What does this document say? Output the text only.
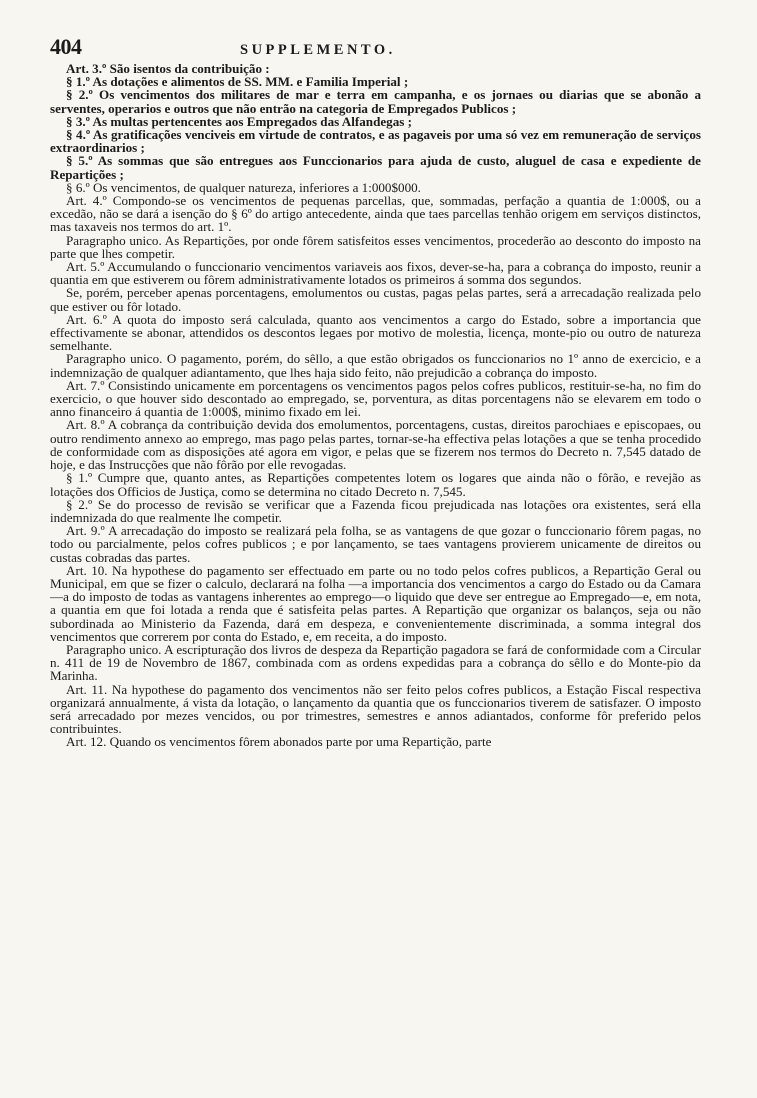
404	SUPPLEMENTO.

Art. 3.º São isentos da contribuição :

§ 1.º As dotações e alimentos de SS. MM. e Familia Imperial ;

§ 2.º Os vencimentos dos militares de mar e terra em campanha, e os jornaes ou diarias que se abonão a serventes, operarios e outros que não entrão na categoria de Empregados Publicos ;

§ 3.º As multas pertencentes aos Empregados das Alfandegas ;

§ 4.º As gratificações venciveis em virtude de contratos, e as pagaveis por uma só vez em remuneração de serviços extraordinarios ;

§ 5.º As sommas que são entregues aos Funccionarios para ajuda de custo, aluguel de casa e expediente de Repartições ;

§ 6.º Os vencimentos, de qualquer natureza, inferiores a 1:000$000.

Art. 4.º Compondo-se os vencimentos de pequenas parcellas, que, sommadas, perfação a quantia de 1:000$, ou a excedão, não se dará a isenção do § 6º do artigo antecedente, ainda que taes parcellas tenhão origem em serviços distinctos, mas taxaveis nos termos do art. 1º.

Paragrapho unico. As Repartições, por onde fôrem satisfeitos esses vencimentos, procederão ao desconto do imposto na parte que lhes competir.

Art. 5.º Accumulando o funccionario vencimentos variaveis aos fixos, dever-se-ha, para a cobrança do imposto, reunir a quantia em que estiverem ou fôrem administrativamente lotados os primeiros á somma dos segundos.

Se, porém, perceber apenas porcentagens, emolumentos ou custas, pagas pelas partes, será a arrecadação realizada pelo que estiver ou fôr lotado.

Art. 6.º A quota do imposto será calculada, quanto aos vencimentos a cargo do Estado, sobre a importancia que effectivamente se abonar, attendidos os descontos legaes por motivo de molestia, licença, monte-pio ou outro de natureza semelhante.

Paragrapho unico. O pagamento, porém, do sêllo, a que estão obrigados os funccionarios no 1º anno de exercicio, e a indemnização de qualquer adiantamento, que lhes haja sido feito, não prejudicão a cobrança do imposto.

Art. 7.º Consistindo unicamente em porcentagens os vencimentos pagos pelos cofres publicos, restituir-se-ha, no fim do exercicio, o que houver sido descontado ao empregado, se, porventura, as ditas porcentagens não se elevarem em todo o anno financeiro á quantia de 1:000$, minimo fixado em lei.

Art. 8.º A cobrança da contribuição devida dos emolumentos, porcentagens, custas, direitos parochiaes e episcopaes, ou outro rendimento annexo ao emprego, mas pago pelas partes, tornar-se-ha effectiva pelas lotações a que se tenha procedido de conformidade com as disposições até agora em vigor, e pelas que se fizerem nos termos do Decreto n. 7,545 datado de hoje, e das Instrucções que não fôrão por elle revogadas.

§ 1.º Cumpre que, quanto antes, as Repartições competentes lotem os logares que ainda não o fôrão, e revejão as lotações dos Officios de Justiça, como se determina no citado Decreto n. 7,545.

§ 2.º Se do processo de revisão se verificar que a Fazenda ficou prejudicada nas lotações ora existentes, será ella indemnizada do que realmente lhe competir.

Art. 9.º A arrecadação do imposto se realizará pela folha, se as vantagens de que gozar o funccionario fôrem pagas, no todo ou parcialmente, pelos cofres publicos ; e por lançamento, se taes vantagens provierem unicamente de direitos ou custas cobradas das partes.

Art. 10. Na hypothese do pagamento ser effectuado em parte ou no todo pelos cofres publicos, a Repartição Geral ou Municipal, em que se fizer o calculo, declarará na folha —a importancia dos vencimentos a cargo do Estado ou da Camara—a do imposto de todas as vantagens inherentes ao emprego—o liquido que deve ser entregue ao Empregado—e, em nota, a quantia em que foi lotada a renda que é satisfeita pelas partes. A Repartição que organizar os balanços, seja ou não subordinada ao Ministerio da Fazenda, dará em despeza, e convenientemente discriminada, a somma integral dos vencimentos que correrem por conta do Estado, e, em receita, a do imposto.

Paragrapho unico. A escripturação dos livros de despeza da Repartição pagadora se fará de conformidade com a Circular n. 411 de 19 de Novembro de 1867, combinada com as ordens expedidas para a cobrança do sêllo e do Monte-pio da Marinha.

Art. 11. Na hypothese do pagamento dos vencimentos não ser feito pelos cofres publicos, a Estação Fiscal respectiva organizará annualmente, á vista da lotação, o lançamento da quantia que os funccionarios tiverem de satisfazer. O imposto será arrecadado por mezes vencidos, ou por trimestres, semestres e annos adiantados, conforme fôr preferido pelos contribuintes.

Art. 12. Quando os vencimentos fôrem abonados parte por uma Repartição, parte
